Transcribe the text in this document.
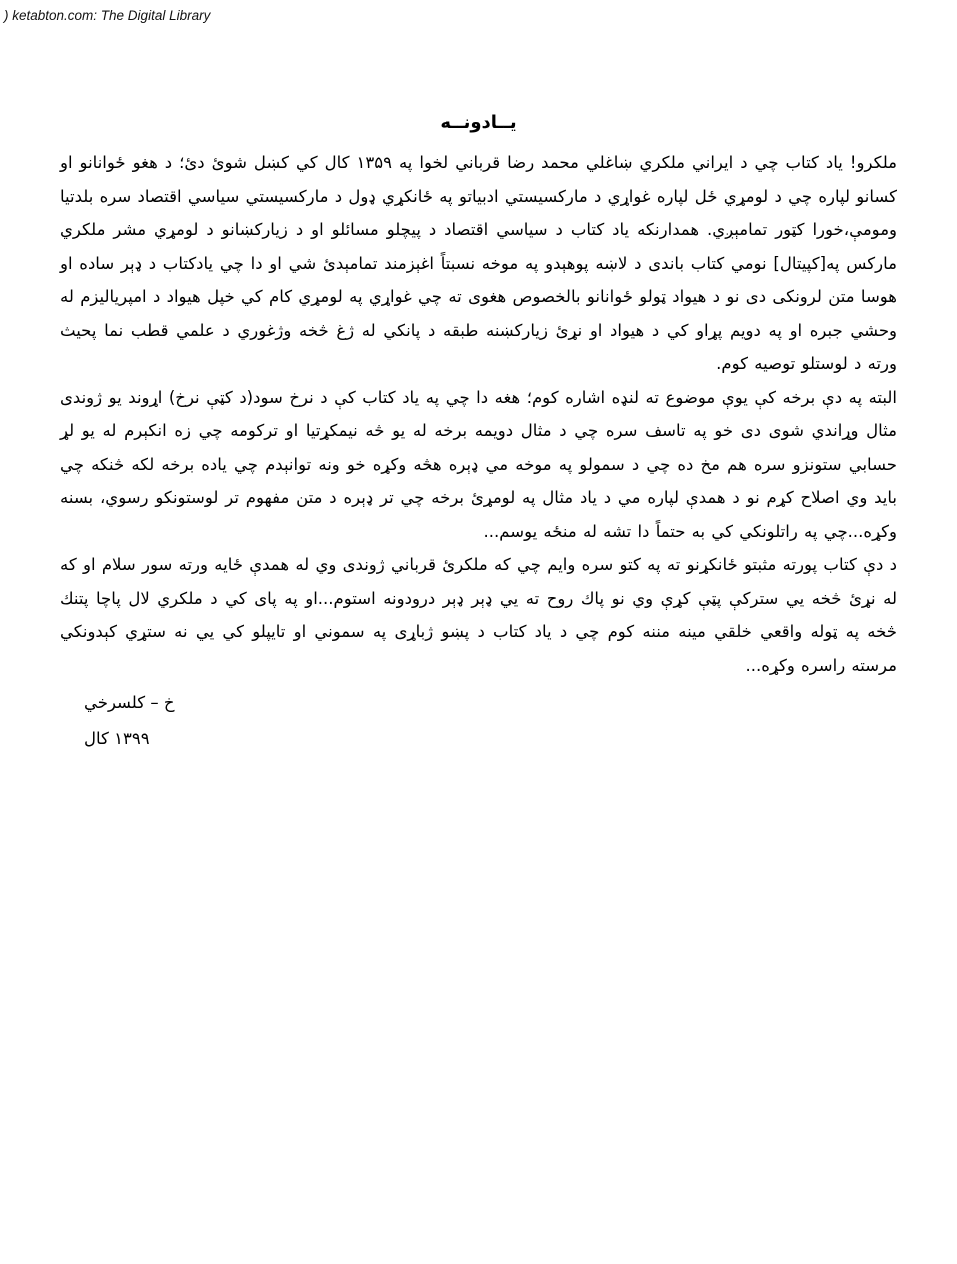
) ketabton.com: The Digital Library
يــادونــه

ملكرو! ياد كتاب چي د ايراني ملكري ښاغلي محمد رضا قرباني لخوا په ۱۳۵۹ كال كي كښل شوئ دئ؛ د هغو ځوانانو او كسانو لپاره چي د لومړي ځل لپاره غواړي د ماركسيستي ادبياتو په ځانكړي ډول د ماركسيستي سياسي اقتصاد سره بلدتيا ومومې،خورا كټور تمامېږي. همدارنكه ياد كتاب د سياسي اقتصاد د پيچلو مسائلو او د زياركښانو د لومړي مشر ملكري ماركس په[كپيتال] نومي كتاب باندى د لاښه پوهېدو په موخه نسبتاً اغېزمند تمامېدئ شي او دا چي يادكتاب د ډېر ساده او هوسا متن لرونكى دى نو د هيواد ټولو ځوانانو بالخصوص هغوى ته چي غواړي په لومړي كام كي خپل هيواد د امپرياليزم له وحشي جبره او په دويم پړاو كي د هيواد او نړئ زياركښنه طبقه د پانكي له ژغ څخه وژغوري د علمي قطب نما پحيث ورته د لوستلو توصيه كوم.

البته په دې برخه كې يوې موضوع ته لنډه اشاره كوم؛ هغه دا چي په ياد كتاب كې د نرخ سود(د كټې نرخ) اړوند يو ژوندى مثال وړاندي شوى دى خو په تاسف سره چي د مثال دويمه برخه له يو څه نيمكړتيا او تركومه چي زه انكېرم له يو لړ حسابي ستونزو سره هم مخ ده چي د سمولو په موخه مي ډېره هڅه وكړه خو ونه توانېدم چي ياده برخه لكه څنكه چي بايد وي اصلاح كړم نو د همدې لپاره مي د ياد مثال په لومړئ برخه چي تر ډېره د متن مفهوم تر لوستونكو رسوي، بسنه وكړه...چي په راتلونكي كي به حتماً دا تشه له منځه يوسم...

د دې كتاب پورته مثبتو ځانكړنو ته په كتو سره وايم چي كه ملكرئ قرباني ژوندى وي له همدې ځايه ورته سور سلام او كه له نړئ څخه يي ستركې پټې كړې وي نو پاك روح ته يي ډېر ډېر درودونه استوم...او په پاى كي د ملكري لال پاچا پتنك څخه په ټوله واقعي خلقي مينه مننه كوم چي د ياد كتاب د پښو ژباړى په سموني او تايپلو كي يي نه ستړي كېدونكي مرسته راسره وكړه...

خ – كلسرخي
۱۳۹۹ كال
